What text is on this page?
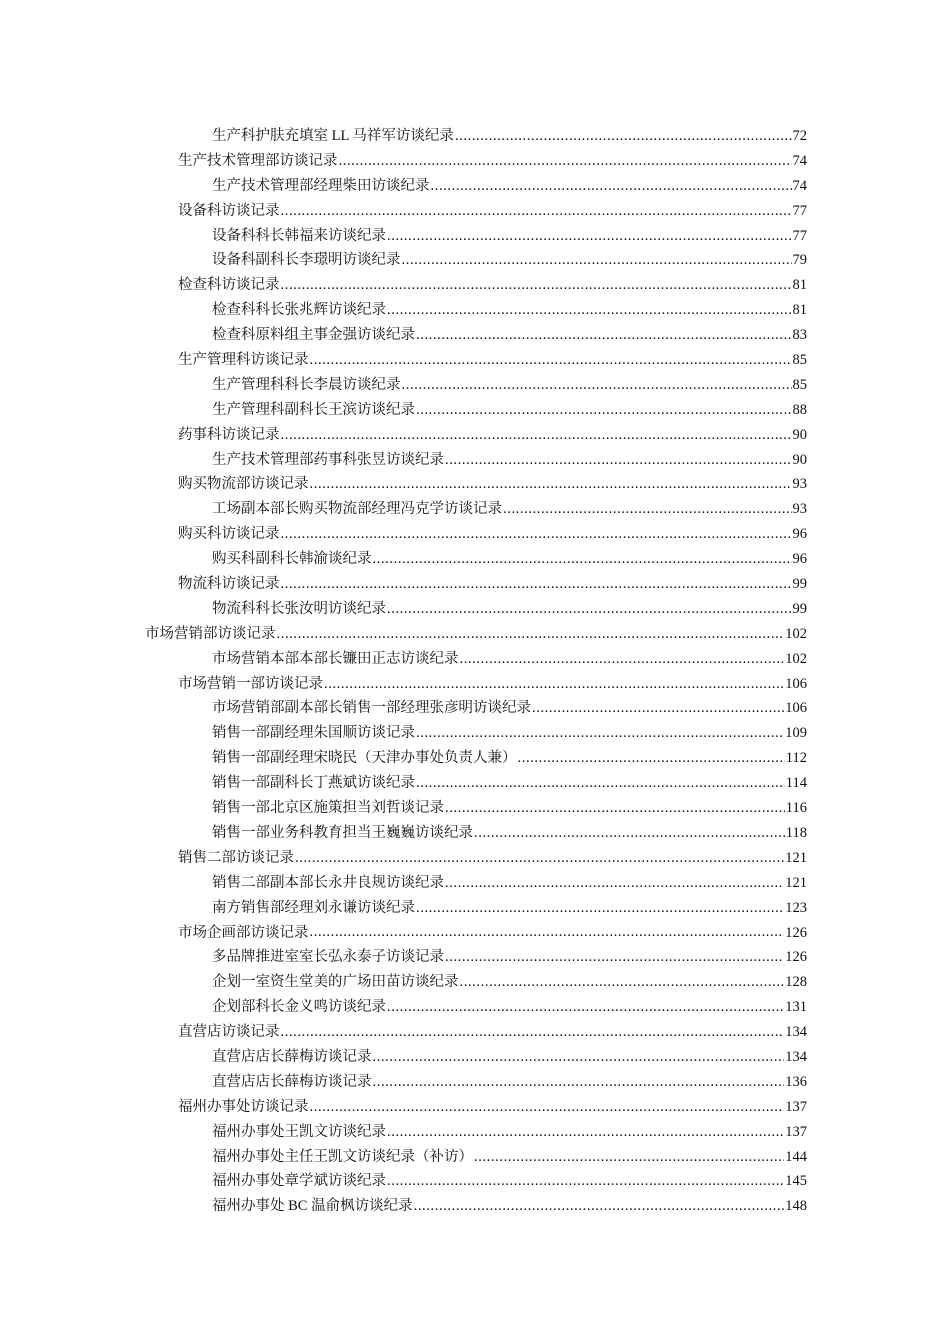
生产科护肤充填室 LL 马祥军访谈纪录 .....	72
生产技术管理部访谈记录 .....	74
生产技术管理部经理柴田访谈纪录 .....	74
设备科访谈记录 .....	77
设备科科长韩福来访谈纪录 .....	77
设备科副科长李璟明访谈纪录 .....	79
检查科访谈记录 .....	81
检查科科长张兆辉访谈纪录 .....	81
检查科原料组主事金强访谈纪录 .....	83
生产管理科访谈记录 .....	85
生产管理科科长李晨访谈纪录 .....	85
生产管理科副科长王滨访谈纪录 .....	88
药事科访谈记录 .....	90
生产技术管理部药事科张昱访谈纪录 .....	90
购买物流部访谈记录 .....	93
工场副本部长购买物流部经理冯克学访谈记录 .....	93
购买科访谈记录 .....	96
购买科副科长韩渝谈纪录 .....	96
物流科访谈记录 .....	99
物流科科长张汝明访谈纪录 .....	99
市场营销部访谈记录 .....	102
市场营销本部本部长镰田正志访谈纪录 .....	102
市场营销一部访谈记录 .....	106
市场营销部副本部长销售一部经理张彦明访谈纪录 .....	106
销售一部副经理朱国顺访谈记录 .....	109
销售一部副经理宋晓民（天津办事处负责人兼） .....	112
销售一部副科长丁燕斌访谈纪录 .....	114
销售一部北京区施策担当刘哲谈记录 .....	116
销售一部业务科教育担当王巍巍访谈纪录 .....	118
销售二部访谈记录 .....	121
销售二部副本部长永井良规访谈纪录 .....	121
南方销售部经理刘永谦访谈纪录 .....	123
市场企画部访谈记录 .....	126
多品牌推进室室长弘永泰子访谈记录 .....	126
企划一室资生堂美的广场田苗访谈纪录 .....	128
企划部科长金义鸣访谈纪录 .....	131
直营店访谈记录 .....	134
直营店店长薛梅访谈记录 .....	134
直营店店长薛梅访谈记录 .....	136
福州办事处访谈记录 .....	137
福州办事处王凯文访谈纪录 .....	137
福州办事处主任王凯文访谈纪录（补访） .....	144
福州办事处章学斌访谈纪录 .....	145
福州办事处 BC 温俞枫访谈纪录 .....	148
